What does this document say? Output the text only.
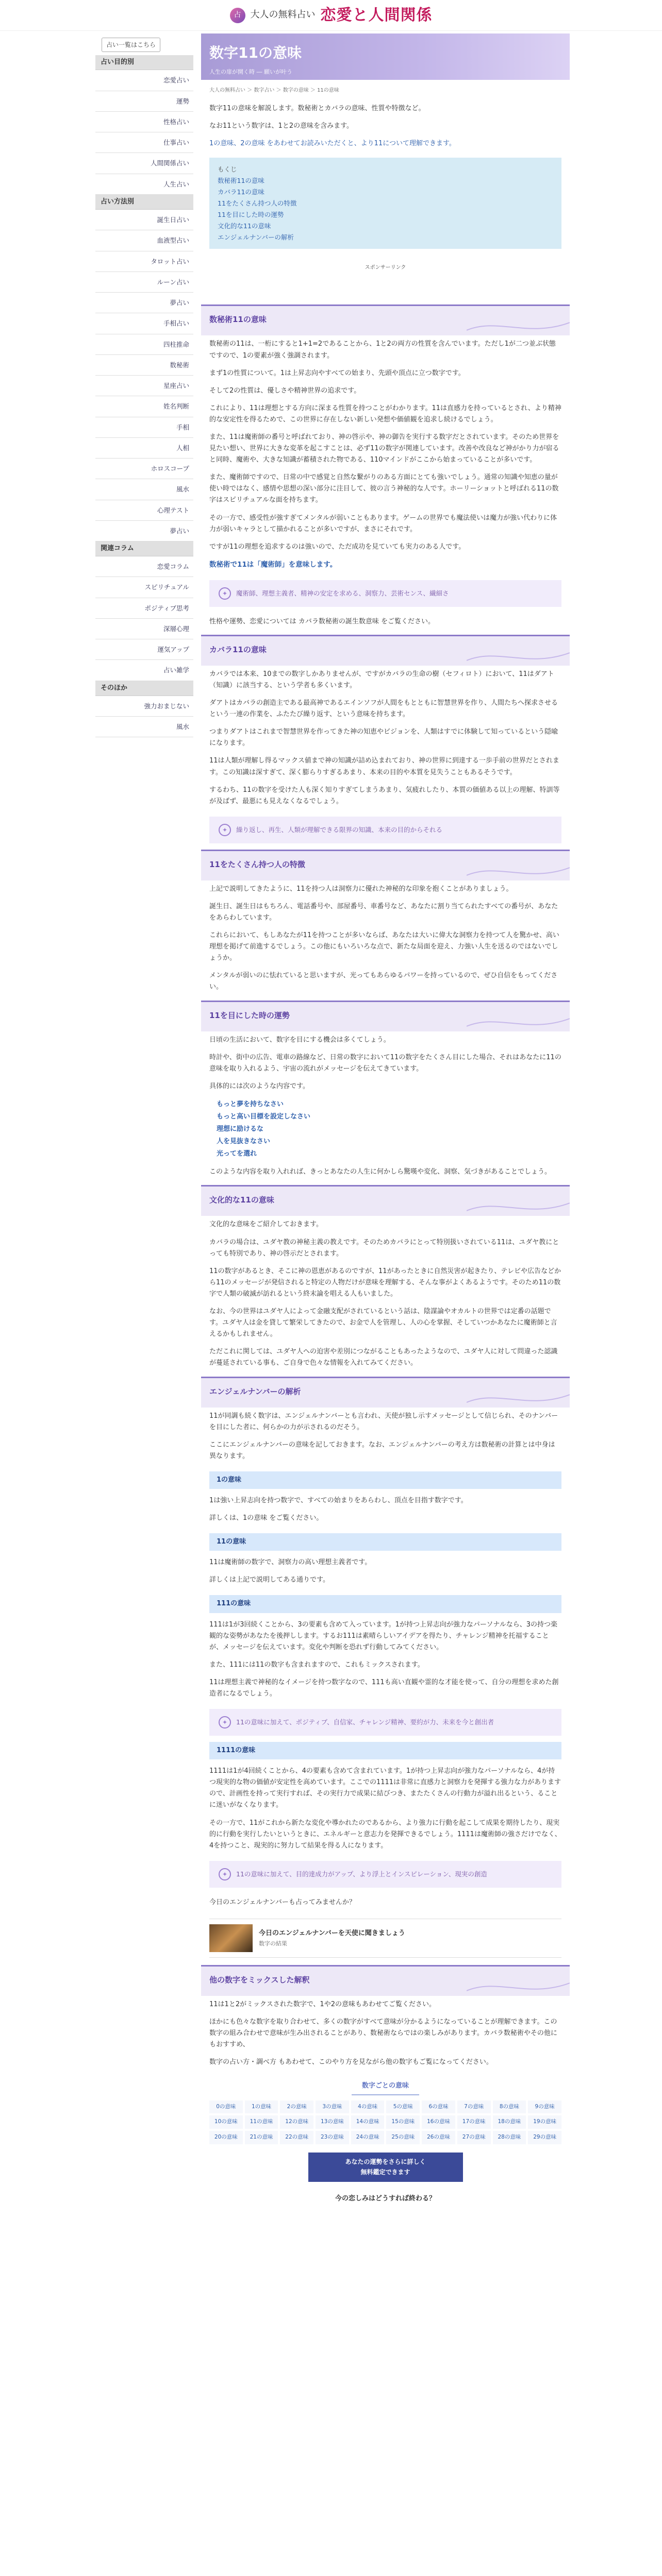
占	大人の無料占い 恋愛と人間関係
占い一覧はこちら
占い目的別
恋愛占い
運勢
性格占い
仕事占い
人間関係占い
人生占い
占い方法別
誕生日占い
血液型占い
タロット占い
ルーン占い
夢占い
手相占い
四柱推命
数秘術
星座占い
姓名判断
手相
人相
ホロスコープ
風水
心理テスト
夢占い
関連コラム
恋愛コラム
スピリチュアル
ポジティブ思考
深層心理
運気アップ
占い雑学
そのほか
強力おまじない
風水
数字11の意味
人生の扉が開く時 ― 願いが叶う
大人の無料占い ＞ 数字占い ＞ 数字の意味 ＞ 11の意味
数字11の意味を解説します。数秘術とカバラの意味、性質や特徴など。
なお11という数字は、1と2の意味を含みます。
1の意味、2の意味 をあわせてお読みいただくと、より11について理解できます。
もくじ
数秘術11の意味
カバラ11の意味
11をたくさん持つ人の特徴
11を目にした時の運勢
文化的な11の意味
エンジェルナンバーの解析
スポンサーリンク
数秘術11の意味
数秘術の11は、一桁にすると1+1=2であることから、1と2の両方の性質を含んでいます。ただし1が二つ並ぶ状態ですので、1の要素が強く強調されます。
まず1の性質について。1は上昇志向やすべての始まり、先頭や頂点に立つ数字です。
そして2の性質は、優しさや精神世界の追求です。
これにより、11は理想とする方向に深まる性質を持つことがわかります。11は直感力を持っているとされ、より精神的な安定性を得るためで、この世界に存在しない新しい発想や価値観を追求し続けるでしょう。
また、11は魔術師の番号と呼ばれており、神の啓示や、神の御告を実行する数字だとされています。そのため世界を見たい想い、世界に大きな変革を起こすことは、必ず11の数字が関連しています。改善や改良など神がかり力が宿ると同時、魔術や、大きな知識が蓄積された物である、110マインドがここから始まっていることが多いです。
また、魔術師ですので、日常の中で感覚と自然な繋がりのある方面にとても強いでしょう。通常の知識や知恵の量が使い時ではなく、感情や思想の深い部分に注目して、彼の言う神秘的な人です。ホーリーショットと呼ばれる11の数字はスピリチュアルな面を持ちます。
その一方で、感受性が強すぎてメンタルが弱いこともあります。ゲームの世界でも魔法使いは魔力が強い代わりに体力が弱いキャラとして描かれることが多いですが、まさにそれです。
ですが11の理想を追求するのは強いので、ただ成功を見ていても実力のある人です。
数秘術で11は「魔術師」を意味します。
✦	魔術師、理想主義者、精神の安定を求める、洞察力、芸術センス、繊細さ
性格や運勢、恋愛については カバラ数秘術の誕生数意味 をご覧ください。
カバラ11の意味
カバラでは本来、10までの数字しかありませんが、ですがカバラの生命の樹（セフィロト）において、11はダアト（知識）に該当する、という学者も多くいます。
ダアトはカバラの創造主である最高神であるエインソフが人間をもとともに智慧世界を作り、人間たちへ探求させるという一連の作業を、ふたたび繰り返す、という意味を持ちます。
つまりダアトはこれまで智慧世界を作ってきた神の知恵やビジョンを、人類はすでに体験して知っているという隠喩になります。
11は人類が理解し得るマックス値まで神の知識が詰め込まれており、神の世界に到達する一歩手前の世界だとされます。この知識は深すぎて、深く膨らりすぎるあまり、本来の目的や本質を見失うこともあるそうです。
するわち、11の数字を受けた人も深く知りすぎてしまうあまり、気疲れしたり、本質の価値ある以上の理解、特訓等が及ばず、最悪にも見えなくなるでしょう。
✦	繰り返し、再生、人類が理解できる限界の知識、本来の目的からそれる
11をたくさん持つ人の特徴
上記で説明してきたように、11を持つ人は洞察力に優れた神秘的な印象を抱くことがありましょう。
誕生日、誕生日はもちろん、電話番号や、部屋番号、車番号など、あなたに割り当てられたすべての番号が、あなたをあらわしています。
これらにおいて、もしあなたが11を持つことが多いならば、あなたは大いに偉大な洞察力を持つて人を驚かせ、高い理想を掲げて前進するでしょう。この他にもいろいろな点で、新たな局面を迎え、力強い人生を送るのではないでしょうか。
メンタルが弱いのに怯れていると思いますが、光ってもあらゆるパワーを持っているので、ぜひ自信をもってください。
11を目にした時の運勢
日頃の生活において、数字を目にする機会は多くてしょう。
時計や、街中の広告、電車の路線など、日常の数字において11の数字をたくさん目にした場合、それはあなたに11の意味を取り入れるよう、宇宙の流れがメッセージを伝えてきています。
具体的には次のような内容です。
もっと夢を持ちなさい
もっと高い目標を設定しなさい
理想に励けるな
人を見抜きなさい
光ってを選れ
このような内容を取り入れれば、きっとあなたの人生に何かしら驚嘆や変化、洞察、気づきがあることでしょう。
文化的な11の意味
文化的な意味をご紹介しておきます。
カバラの場合は、ユダヤ教の神秘主義の教えです。そのためカバラにとって特別扱いされている11は、ユダヤ教にとっても特別であり、神の啓示だとされます。
11の数字があるとき、そこに神の恩恵があるのですが、11があったときに自然災害が起きたり、テレビや広告などから11のメッセージが発信されると特定の人物だけが意味を理解する、そんな事がよくあるようです。そのため11の数字で人類の破滅が訪れるという終末論を唱える人もいました。
なお、今の世界はユダヤ人によって金融支配がされているという話は、陰謀論やオカルトの世界では定番の話題です。ユダヤ人は金を貸して繁栄してきたので、お金で人を管理し、人の心を掌握、そしていつかあなたに魔術師と言えるかもしれません。
ただこれに関しては、ユダヤ人への迫害や差別につながることもあったようなので、ユダヤ人に対して問違った認識が蔓延されている事も、ご自身で色々な情報を入れてみてください。
エンジェルナンバーの解析
11が同調も続く数字は、エンジェルナンバーとも言われ、天使が独し示すメッセージとして信じられ、そのナンバーを目にした者に、何らかの力が示されるのだそう。
ここにエンジェルナンバーの意味を記しておきます。なお、エンジェルナンバーの考え方は数秘術の計算とは中身は異なります。
1の意味
1は強い上昇志向を持つ数字で、すべての始まりをあらわし、頂点を目指す数字です。
詳しくは、1の意味 をご覧ください。
11の意味
11は魔術師の数字で、洞察力の高い理想主義者です。
詳しくは上記で説明してある通りです。
111の意味
111は1が3回続くことから、3の要素も含めて入っています。1が持つ上昇志向が強力なパーソナルなら、3の持つ楽観的な姿勢があなたを後押しします。するお111は素晴らしいアイデアを得たり、チャレンジ精神を托福することが、メッセージを伝えています。変化や判断を恐れず行動してみてください。
また、111には11の数字も含まれますので、これもミックスされます。
11は理想主義で神秘的なイメージを持つ数字なので、111も高い直観や霊的な才能を使って、自分の理想を求めた創造者になるでしょう。
✦	11の意味に加えて、ポジティブ、自信家、チャレンジ精神、要約が力、未来を今と創出者
1111の意味
1111は1が4回続くことから、4の要素も含めて含まれています。1が持つ上昇志向が強力なパーソナルなら、4が持つ現実的な物の価値が安定性を高めています。ここでの1111は非常に直感力と洞察力を発揮する強力な力がありますので、計画性を持って実行すれば、その実行力で成果に結びつき、またたくさんの行動力が溢れ出るという、ることに迷いがなくなります。
その一方で、11がこれから新たな変化や導かれたのであるから、より強力に行動を起こして成果を期待したり、現実的に行動を実行したいというときに、エネルギーと意志力を発揮できるでしょう。1111は魔術師の強さだけでなく、4を持つこと、現実的に努力して結果を得る人になります。
✦	11の意味に加えて、目的達成力がアップ、より浮上とインスピレーション、現実の創造
今日のエンジェルナンバーも占ってみませんか？
今日のエンジェルナンバーを天使に聞きましょう
数字の結果
他の数字をミックスした解釈
11は1と2がミックスされた数字で、1や2の意味もあわせてご覧ください。
ほかにも色々な数字を取り合わせて、多くの数字がすべて意味が分かるようになっていることが理解できます。この数字の組み合わせで意味が生み出されることがあり、数秘術ならではの楽しみがあります。カバラ数秘術やその他にもおすすめ、
数字の占い方・調べ方 もあわせて、このやり方を見ながら他の数字もご覧になってください。
数字ごとの意味
0の意味	1の意味	2の意味	3の意味	4の意味	5の意味	6の意味	7の意味	8の意味	9の意味
10の意味	11の意味	12の意味	13の意味	14の意味	15の意味	16の意味	17の意味	18の意味	19の意味
20の意味	21の意味	22の意味	23の意味	24の意味	25の意味	26の意味	27の意味	28の意味	29の意味
あなたの運勢をさらに詳しく
無料鑑定できます
今の恋しみはどうすれば終わる？
